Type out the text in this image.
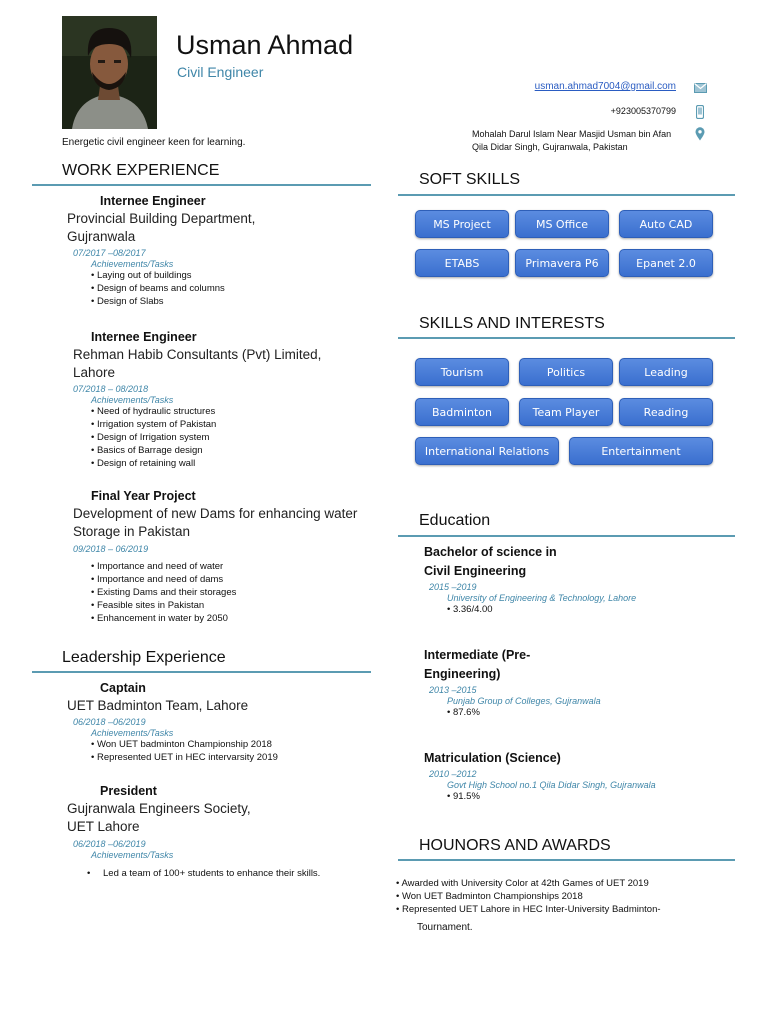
Usman Ahmad
Civil Engineer
Energetic civil engineer keen for learning.
usman.ahmad7004@gmail.com
+923005370799
Mohalah Darul Islam Near Masjid Usman bin Afan
Qila Didar Singh, Gujranwala, Pakistan
WORK EXPERIENCE
Internee Engineer
Provincial Building Department,
Gujranwala
07/2017 –08/2017
Achievements/Tasks
• Laying out of buildings
• Design of beams and columns
• Design of Slabs
Internee Engineer
Rehman Habib Consultants (Pvt) Limited,
Lahore
07/2018 – 08/2018
Achievements/Tasks
• Need of hydraulic structures
• Irrigation system of Pakistan
• Design of Irrigation system
• Basics of Barrage design
• Design of retaining wall
Final Year Project
Development of new Dams for enhancing water
Storage in Pakistan
09/2018 – 06/2019
• Importance and need of water
• Importance and need of dams
• Existing Dams and their storages
• Feasible sites in Pakistan
• Enhancement in water by 2050
Leadership Experience
Captain
UET Badminton Team, Lahore
06/2018 –06/2019
Achievements/Tasks
• Won UET badminton Championship 2018
• Represented UET in HEC intervarsity 2019
President
Gujranwala Engineers Society,
UET Lahore
06/2018 –06/2019
Achievements/Tasks
• Led a team of 100+ students to enhance their skills.
SOFT SKILLS
MS Project	MS Office	Auto CAD
ETABS	Primavera P6	Epanet 2.0
SKILLS AND INTERESTS
Tourism	Politics	Leading
Badminton	Team Player	Reading
International Relations	Entertainment
Education
Bachelor of science in
Civil Engineering
2015 –2019
University of Engineering & Technology, Lahore
• 3.36/4.00
Intermediate (Pre-
Engineering)
2013 –2015
Punjab Group of Colleges, Gujranwala
• 87.6%
Matriculation (Science)
2010 –2012
Govt High School no.1 Qila Didar Singh, Gujranwala
• 91.5%
HOUNORS AND AWARDS
• Awarded with University Color at 42th Games of UET 2019
• Won UET Badminton Championships 2018
• Represented UET Lahore in HEC Inter-University Badminton-
Tournament.
